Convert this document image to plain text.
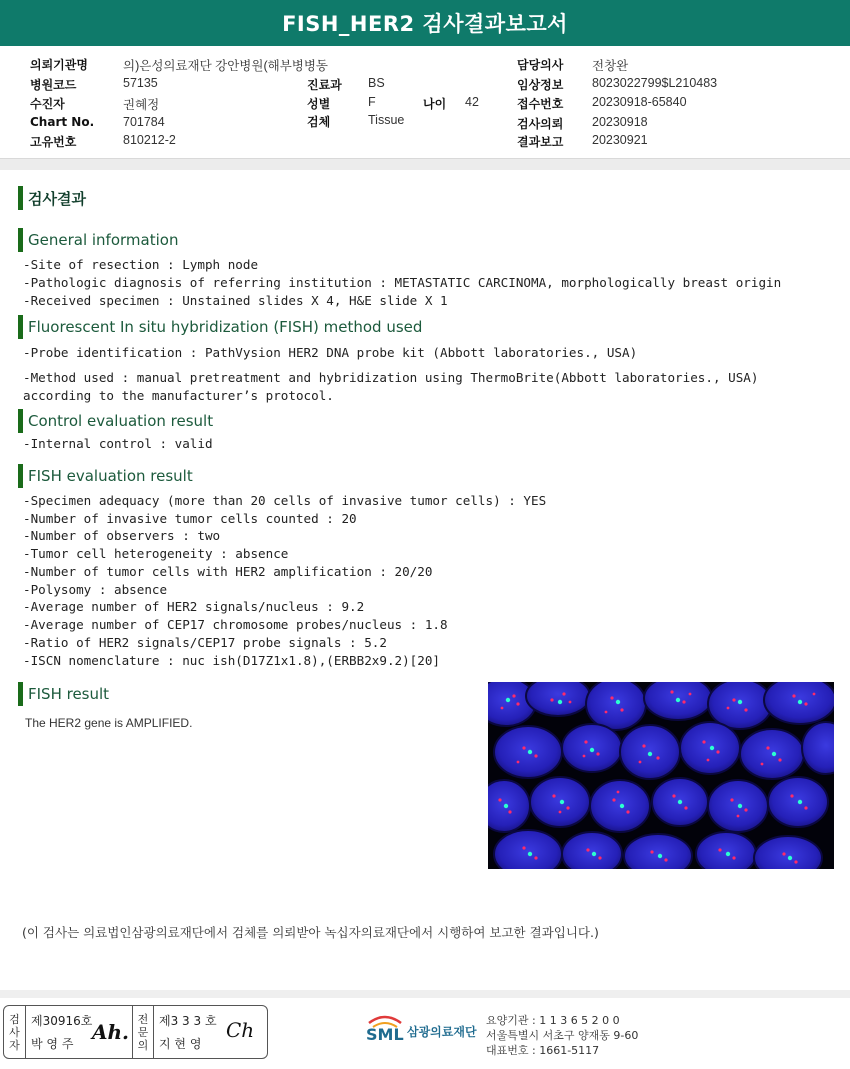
FISH_HER2 검사결과보고서
의뢰기관명	의)은성의료재단 강안병원(해부병병동
병원코드	57135
수진자	권혜정
Chart No. 701784
고유번호	810212-2
진료과 BS
성별	F	나이 42
검체	Tissue
담당의사 전창완
임상정보 8023022799$L210483
접수번호 20230918-65840
검사의뢰 20230918
결과보고 20230921
검사결과
General information
-Site of resection : Lymph node
-Pathologic diagnosis of referring institution : METASTATIC CARCINOMA, morphologically breast origin
-Received specimen : Unstained slides X 4, H&E slide X 1
Fluorescent In situ hybridization (FISH) method used
-Probe identification : PathVysion HER2 DNA probe kit (Abbott laboratories., USA)
-Method used : manual pretreatment and hybridization using ThermoBrite(Abbott laboratories., USA) according to the manufacturer’s protocol.
Control evaluation result
-Internal control : valid
FISH evaluation result
-Specimen adequacy (more than 20 cells of invasive tumor cells) : YES
-Number of invasive tumor cells counted : 20
-Number of observers : two
-Tumor cell heterogeneity : absence
-Number of tumor cells with HER2 amplification : 20/20
-Polysomy : absence
-Average number of HER2 signals/nucleus : 9.2
-Average number of CEP17 chromosome probes/nucleus : 1.8
-Ratio of HER2 signals/CEP17 probe signals : 5.2
-ISCN nomenclature : nuc ish(D17Z1x1.8),(ERBB2x9.2)[20]
FISH result
The HER2 gene is AMPLIFIED.
(이 검사는 의료법인삼광의료재단에서 검체를 의뢰받아 녹십자의료재단에서 시행하여 보고한 결과입니다.)
검
사
자
제30916호
박 영 주 Ah.
전
문
의
제3 3 3 호
지 현 영
Ch	SML 삼광의료재단
요양기관 : 1 1 3 6 5 2 0 0
서울특별시 서초구 양재동 9-60
대표번호 : 1661-5117
